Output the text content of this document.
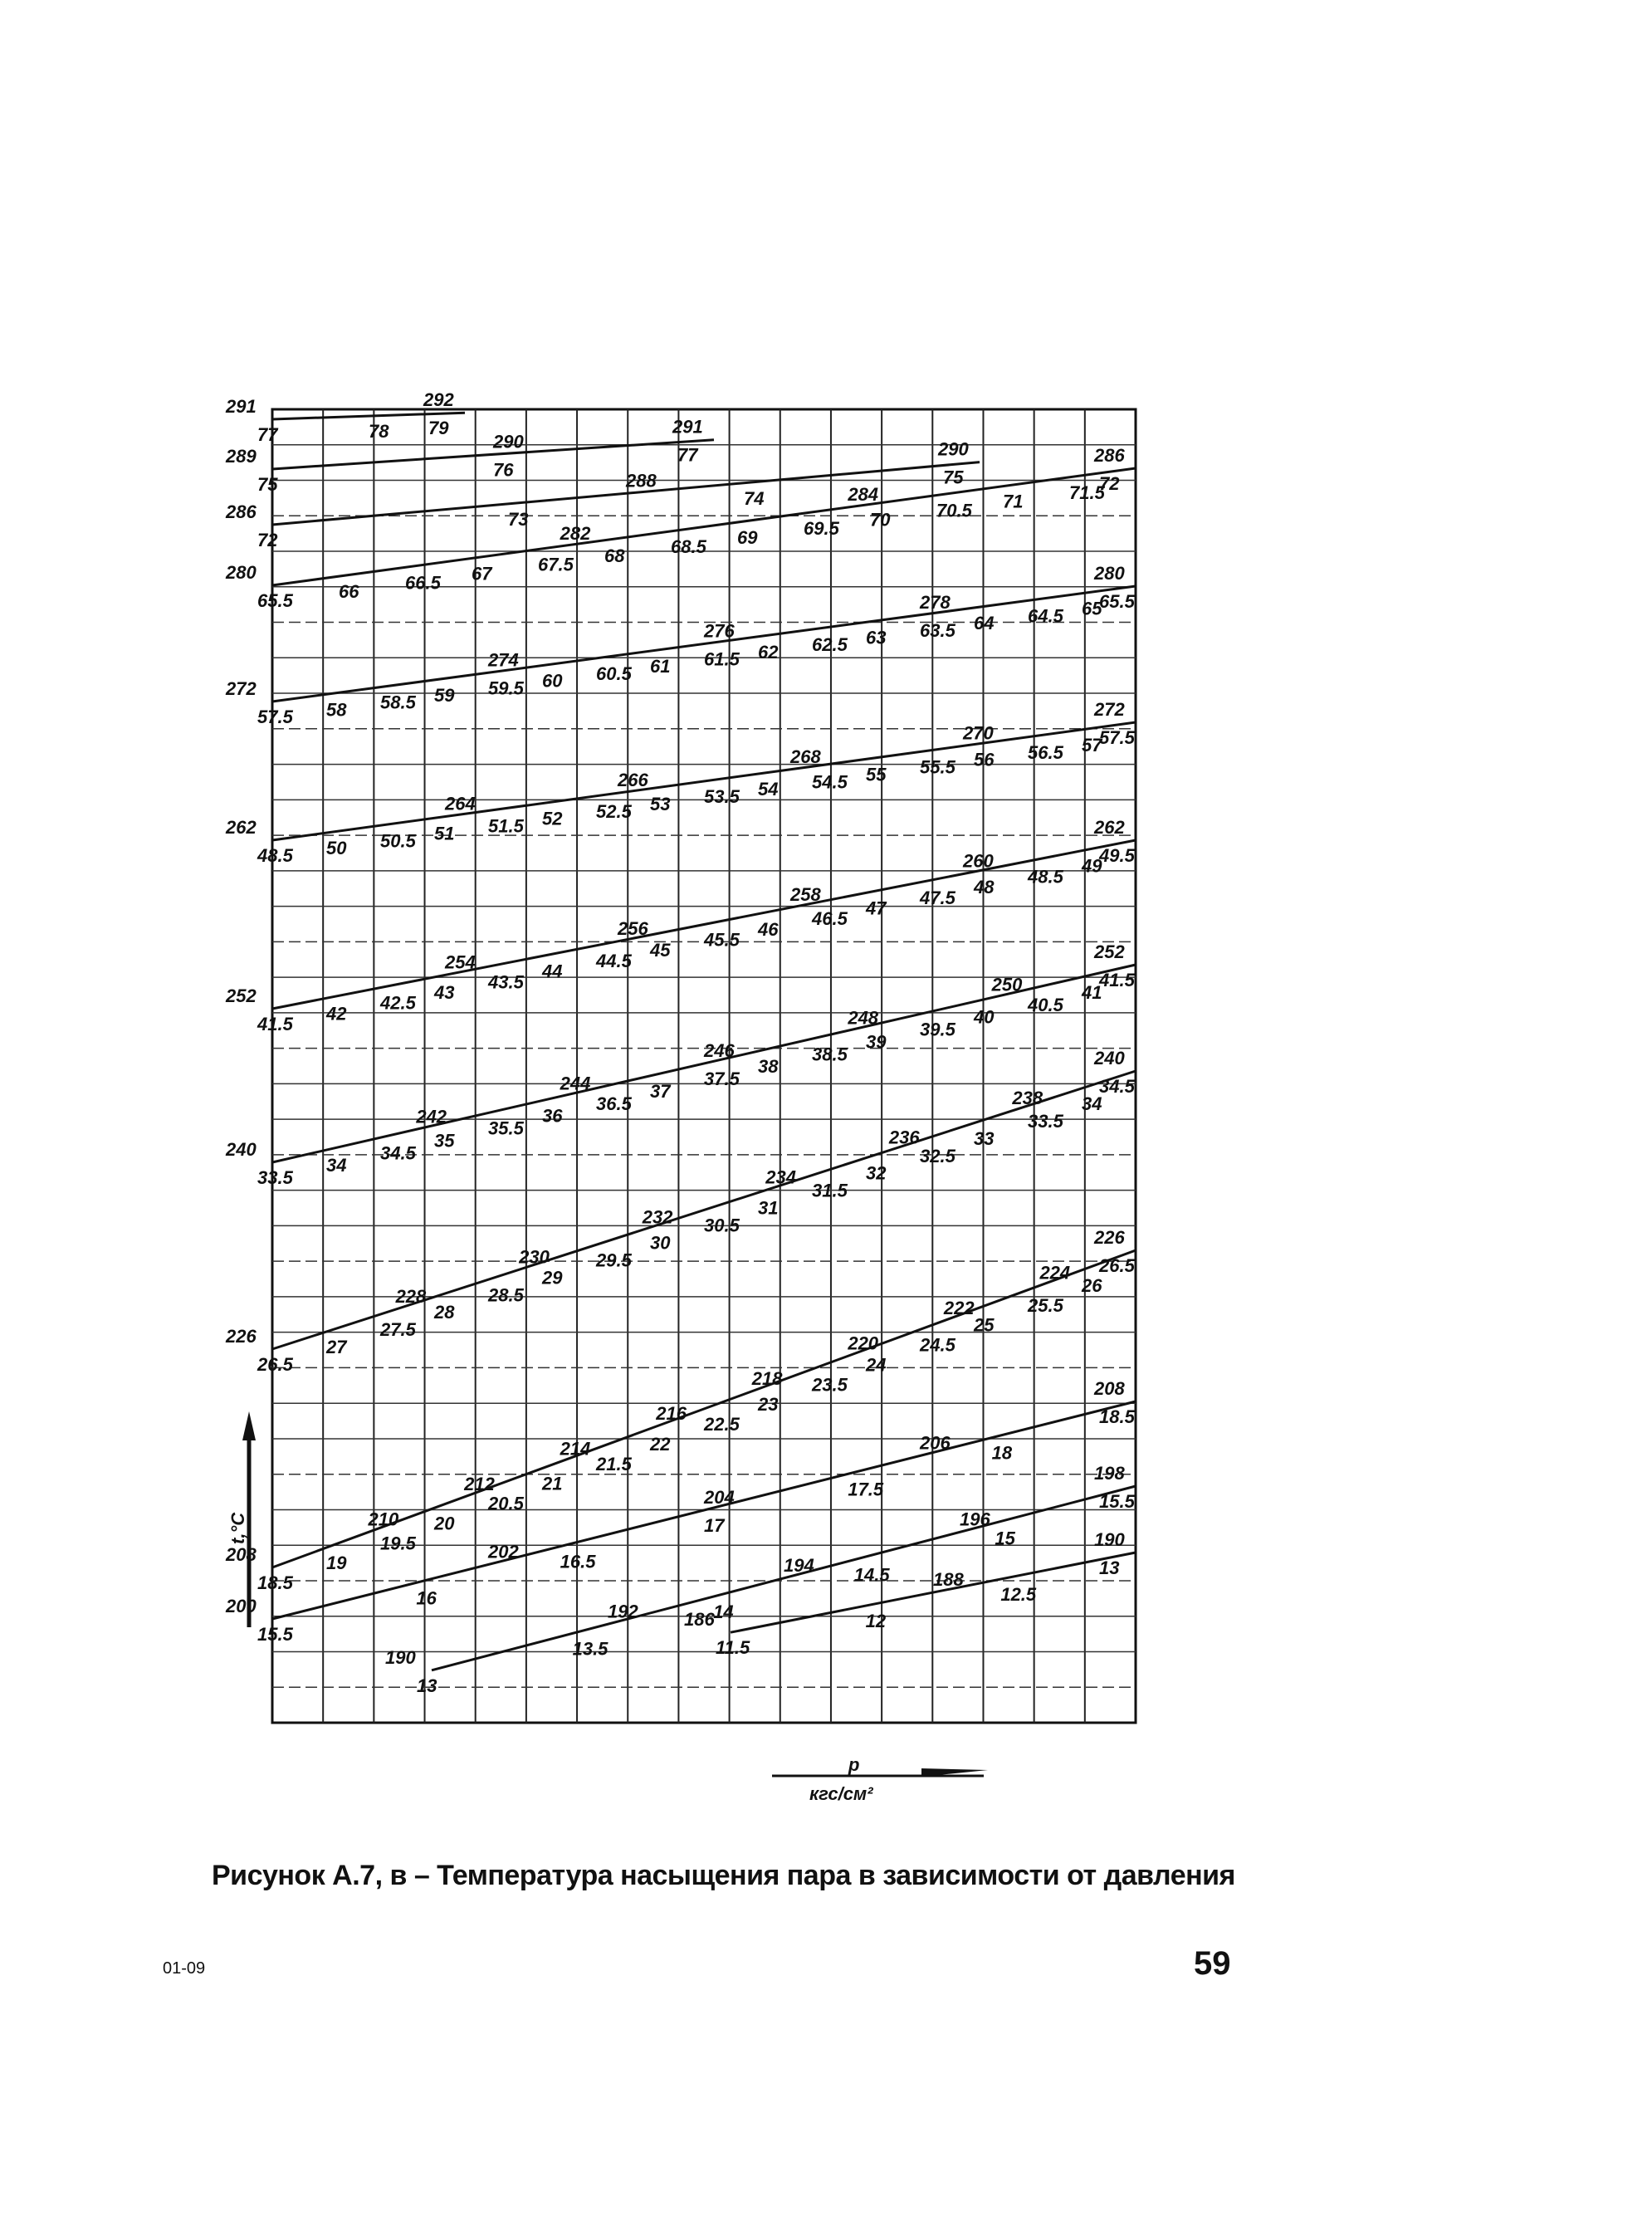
291	292
77	78 79
289
290
291
75
76
77
286
288
290
72
73
74
75
280
282
284
286
65.5	66	66.5 67	67.5 68	68.5 69	69.5 70	70.5 71	71.5
72
272
274
276
278
280
57.5 58 58.5 59 59.5 60 60.5 61 61.5 62 62.5 63 63.5 64 64.5 65
65.5
262
264
266
268
270
272
48.5 50 50.5 51 51.5 52 52.5 53 53.5 54 54.5 55 55.5 56 56.5 57
57.5
252
254
256
258
260
262
41.5
42
42.5
43
43.5
44
44.5
45
45.5
46
46.5
47
47.5
48
48.5
49
49.5
240
242
244
246
248
250
252
33.5
34
34.5
35
35.5
36
36.5
37
37.5
38
38.5
39
39.5
40
40.5
41
41.5
226
228
230
232
234
236
238
240
26.5
27
27.5
28
28.5
29
29.5
30
30.5
31
31.5
32
32.5
33
33.5
34
34.5
208
210
212
214
216
218
220
222
224
226
18.5
19
19.5
20
20.5
21
21.5
22
22.5
23
23.5
24
24.5
25
25.5
26
26.5
200
202
204
206
208
15.5
16
16.5
17
17.5
18
18.5
190
192
194
196
198
13
13.5
14
14.5
15
15.5
186
188
190
11.5
12
12.5
13
t,°C
p
кгс/см²
Рисунок А.7, в – Температура насыщения пара в зависимости от давления
59
01-09
